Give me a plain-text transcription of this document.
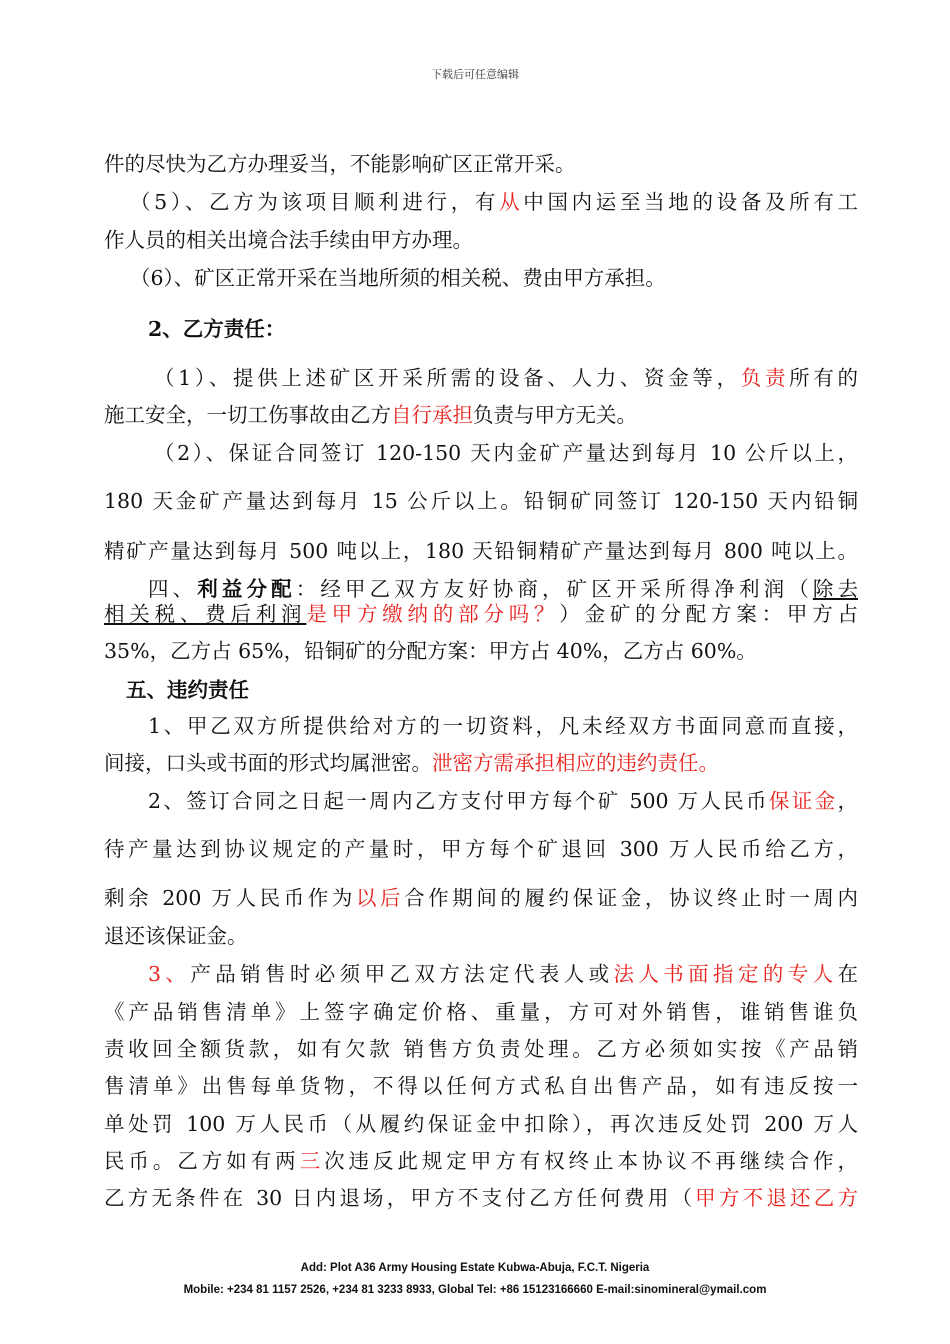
下载后可任意编辑
件的尽快为乙方办理妥当，不能影响矿区正常开采。
（5）、乙方为该项目顺利进行，有从中国内运至当地的设备及所有工
作人员的相关出境合法手续由甲方办理。
（6）、矿区正常开采在当地所须的相关税、费由甲方承担。
2、乙方责任：
（1）、提供上述矿区开采所需的设备、人力、资金等，负责所有的
施工安全，一切工伤事故由乙方自行承担负责与甲方无关。
（2）、保证合同签订 120-150 天内金矿产量达到每月 10 公斤以上，
180 天金矿产量达到每月 15 公斤以上。铅铜矿同签订 120-150 天内铅铜
精矿产量达到每月 500 吨以上，180 天铅铜精矿产量达到每月 800 吨以上。
四、利益分配：经甲乙双方友好协商，矿区开采所得净利润（除去
相关税、费后利润是甲方缴纳的部分吗？）金矿的分配方案：甲方占
35%，乙方占 65%，铅铜矿的分配方案：甲方占 40%，乙方占 60%。
五、违约责任
1、甲乙双方所提供给对方的一切资料，凡未经双方书面同意而直接，
间接，口头或书面的形式均属泄密。泄密方需承担相应的违约责任。
2、签订合同之日起一周内乙方支付甲方每个矿 500 万人民币保证金，
待产量达到协议规定的产量时，甲方每个矿退回 300 万人民币给乙方，
剩余 200 万人民币作为以后合作期间的履约保证金，协议终止时一周内
退还该保证金。
3、产品销售时必须甲乙双方法定代表人或法人书面指定的专人在
《产品销售清单》上签字确定价格、重量，方可对外销售，谁销售谁负
责收回全额货款，如有欠款 销售方负责处理。乙方必须如实按《产品销
售清单》出售每单货物，不得以任何方式私自出售产品，如有违反按一
单处罚 100 万人民币（从履约保证金中扣除），再次违反处罚 200 万人
民币。乙方如有两三次违反此规定甲方有权终止本协议不再继续合作，
乙方无条件在 30 日内退场，甲方不支付乙方任何费用（甲方不退还乙方
Add: Plot A36 Army Housing Estate Kubwa-Abuja, F.C.T. Nigeria
Mobile: +234 81 1157 2526, +234 81 3233 8933, Global Tel: +86 15123166660 E-mail:sinomineral@ymail.com
